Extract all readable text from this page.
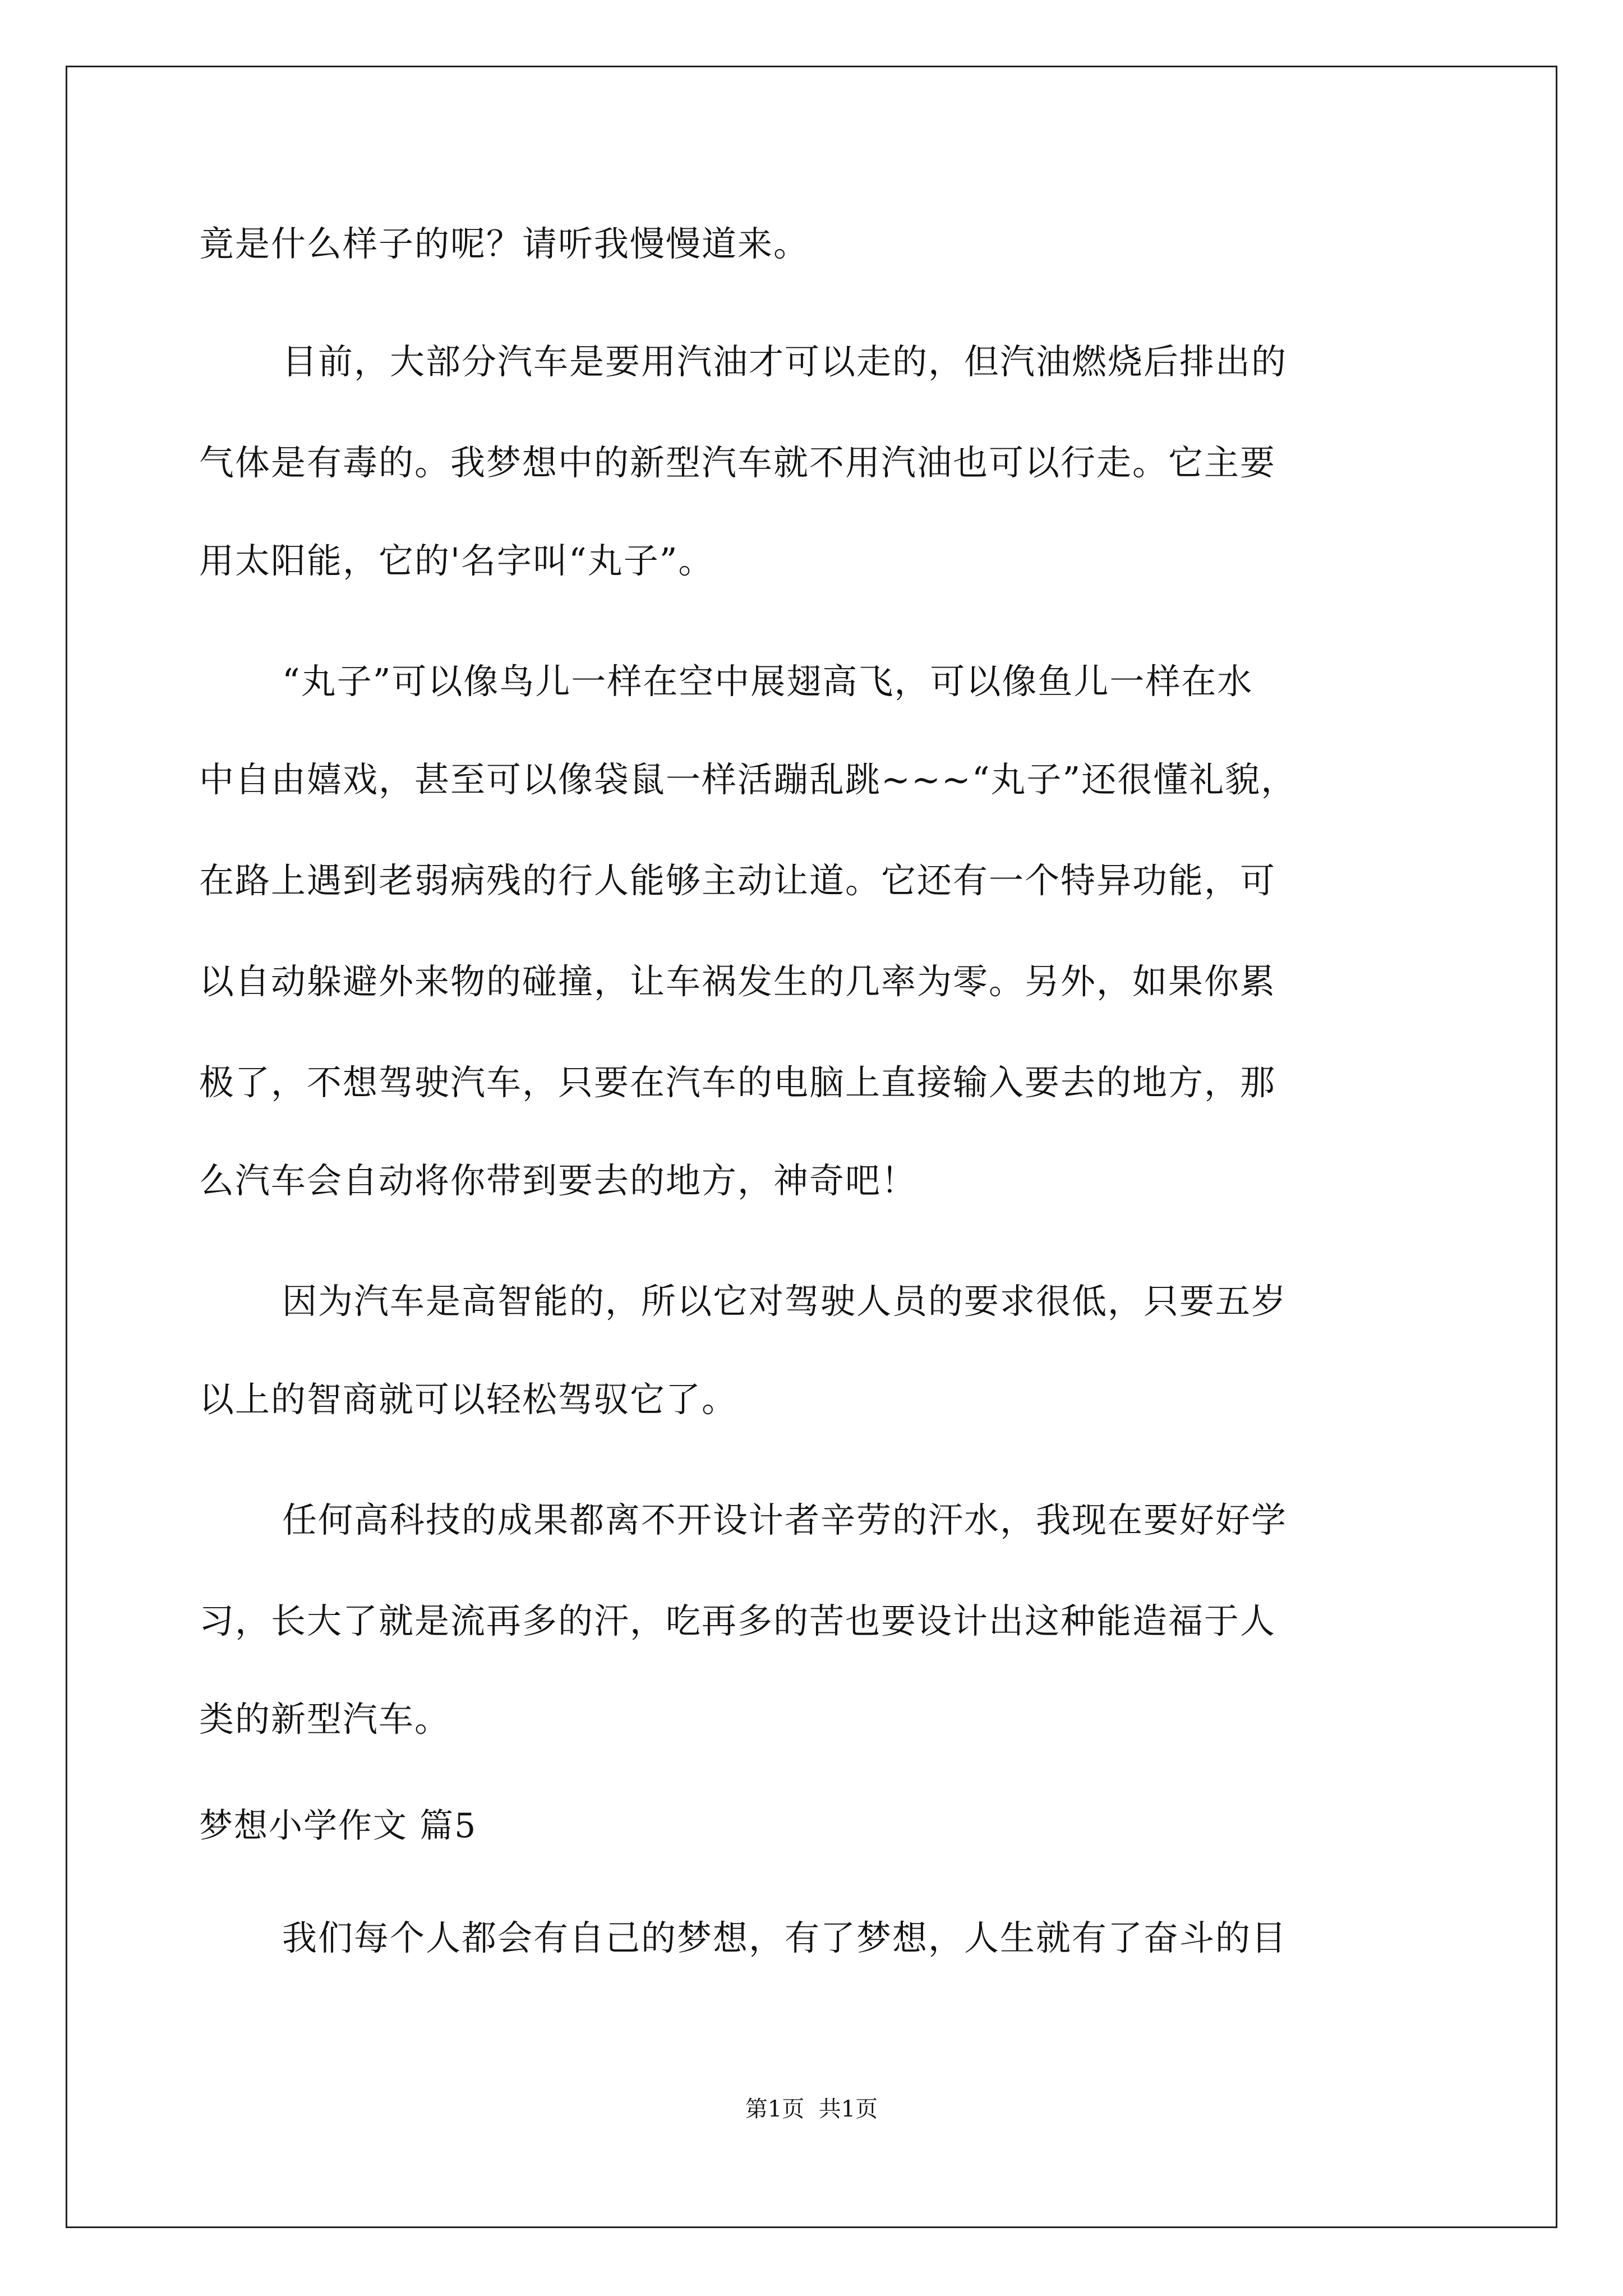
竟是什么样子的呢？请听我慢慢道来。
目前，大部分汽车是要用汽油才可以走的，但汽油燃烧后排出的
气体是有毒的。我梦想中的新型汽车就不用汽油也可以行走。它主要
用太阳能，它的'名字叫“丸子”。
“丸子”可以像鸟儿一样在空中展翅高飞，可以像鱼儿一样在水
中自由嬉戏，甚至可以像袋鼠一样活蹦乱跳~~~“丸子”还很懂礼貌，
在路上遇到老弱病残的行人能够主动让道。它还有一个特异功能，可
以自动躲避外来物的碰撞，让车祸发生的几率为零。另外，如果你累
极了，不想驾驶汽车，只要在汽车的电脑上直接输入要去的地方，那
么汽车会自动将你带到要去的地方，神奇吧！
因为汽车是高智能的，所以它对驾驶人员的要求很低，只要五岁
以上的智商就可以轻松驾驭它了。
任何高科技的成果都离不开设计者辛劳的汗水，我现在要好好学
习，长大了就是流再多的汗，吃再多的苦也要设计出这种能造福于人
类的新型汽车。
梦想小学作文 篇5
我们每个人都会有自己的梦想，有了梦想，人生就有了奋斗的目
第1页  共1页
